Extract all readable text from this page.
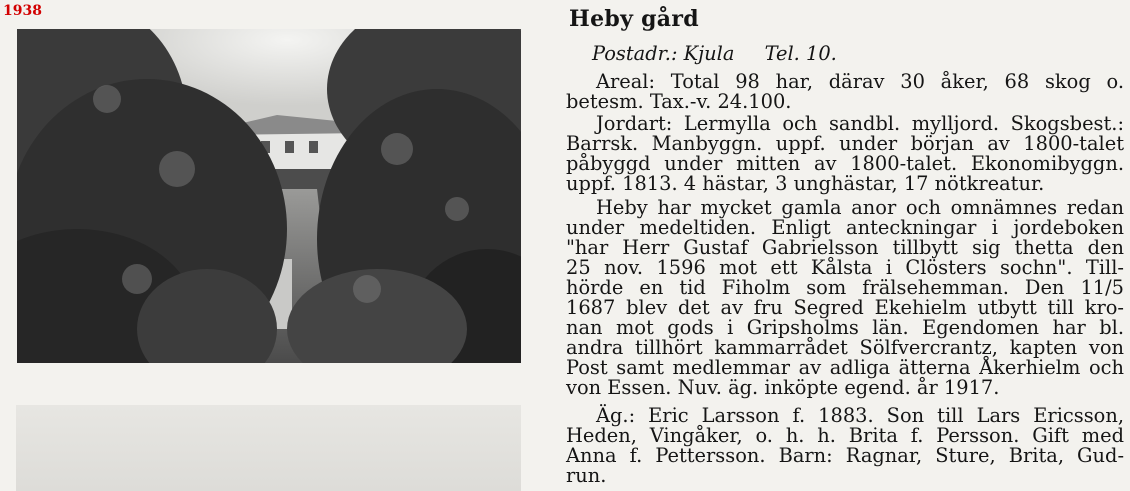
1938	Heby gård
Postadr.: Kjula Tel. 10.
Areal: Total 98 har, därav 30 åker, 68 skog o.
betesm. Tax.-v. 24.100.
Jordart: Lermylla och sandbl. mylljord. Skogsbest.:
Barrsk. Manbyggn. uppf. under början av 1800-talet
påbyggd under mitten av 1800-talet. Ekonomibyggn.
uppf. 1813. 4 hästar, 3 unghästar, 17 nötkreatur.
Heby har mycket gamla anor och omnämnes redan
under medeltiden. Enligt anteckningar i jordeboken
"har Herr Gustaf Gabrielsson tillbytt sig thetta den
25 nov. 1596 mot ett Kålsta i Clösters sochn". Till-
hörde en tid Fiholm som frälsehemman. Den 11/5
1687 blev det av fru Segred Ekehielm utbytt till kro-
nan mot gods i Gripsholms län. Egendomen har bl.
andra tillhört kammarrådet Sölfvercrantz, kapten von
Post samt medlemmar av adliga ätterna Åkerhielm och
von Essen. Nuv. äg. inköpte egend. år 1917.
Äg.: Eric Larsson f. 1883. Son till Lars Ericsson,
Heden, Vingåker, o. h. h. Brita f. Persson. Gift med
Anna f. Pettersson. Barn: Ragnar, Sture, Brita, Gud-
run.
